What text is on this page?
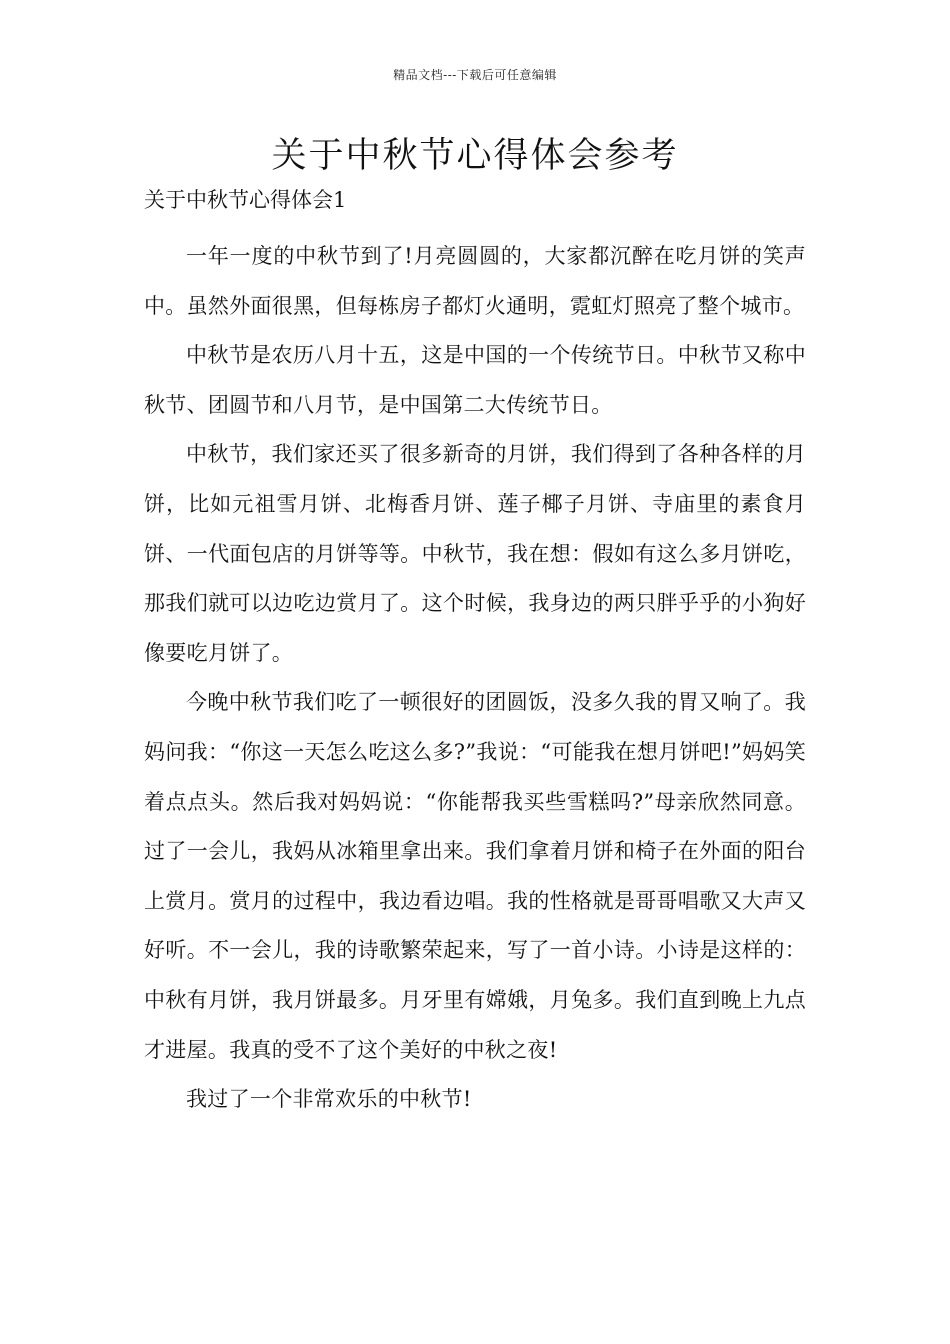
精品文档---下载后可任意编辑
关于中秋节心得体会参考
关于中秋节心得体会1

一年一度的中秋节到了!月亮圆圆的，大家都沉醉在吃月饼的笑声中。虽然外面很黑，但每栋房子都灯火通明，霓虹灯照亮了整个城市。

中秋节是农历八月十五，这是中国的一个传统节日。中秋节又称中秋节、团圆节和八月节，是中国第二大传统节日。

中秋节，我们家还买了很多新奇的月饼，我们得到了各种各样的月饼，比如元祖雪月饼、北梅香月饼、莲子椰子月饼、寺庙里的素食月饼、一代面包店的月饼等等。中秋节，我在想：假如有这么多月饼吃，那我们就可以边吃边赏月了。这个时候，我身边的两只胖乎乎的小狗好像要吃月饼了。

今晚中秋节我们吃了一顿很好的团圆饭，没多久我的胃又响了。我妈问我：“你这一天怎么吃这么多?”我说：“可能我在想月饼吧!”妈妈笑着点点头。然后我对妈妈说：“你能帮我买些雪糕吗?”母亲欣然同意。过了一会儿，我妈从冰箱里拿出来。我们拿着月饼和椅子在外面的阳台上赏月。赏月的过程中，我边看边唱。我的性格就是哥哥唱歌又大声又好听。不一会儿，我的诗歌繁荣起来，写了一首小诗。小诗是这样的：中秋有月饼，我月饼最多。月牙里有嫦娥，月兔多。我们直到晚上九点才进屋。我真的受不了这个美好的中秋之夜!

我过了一个非常欢乐的中秋节!
